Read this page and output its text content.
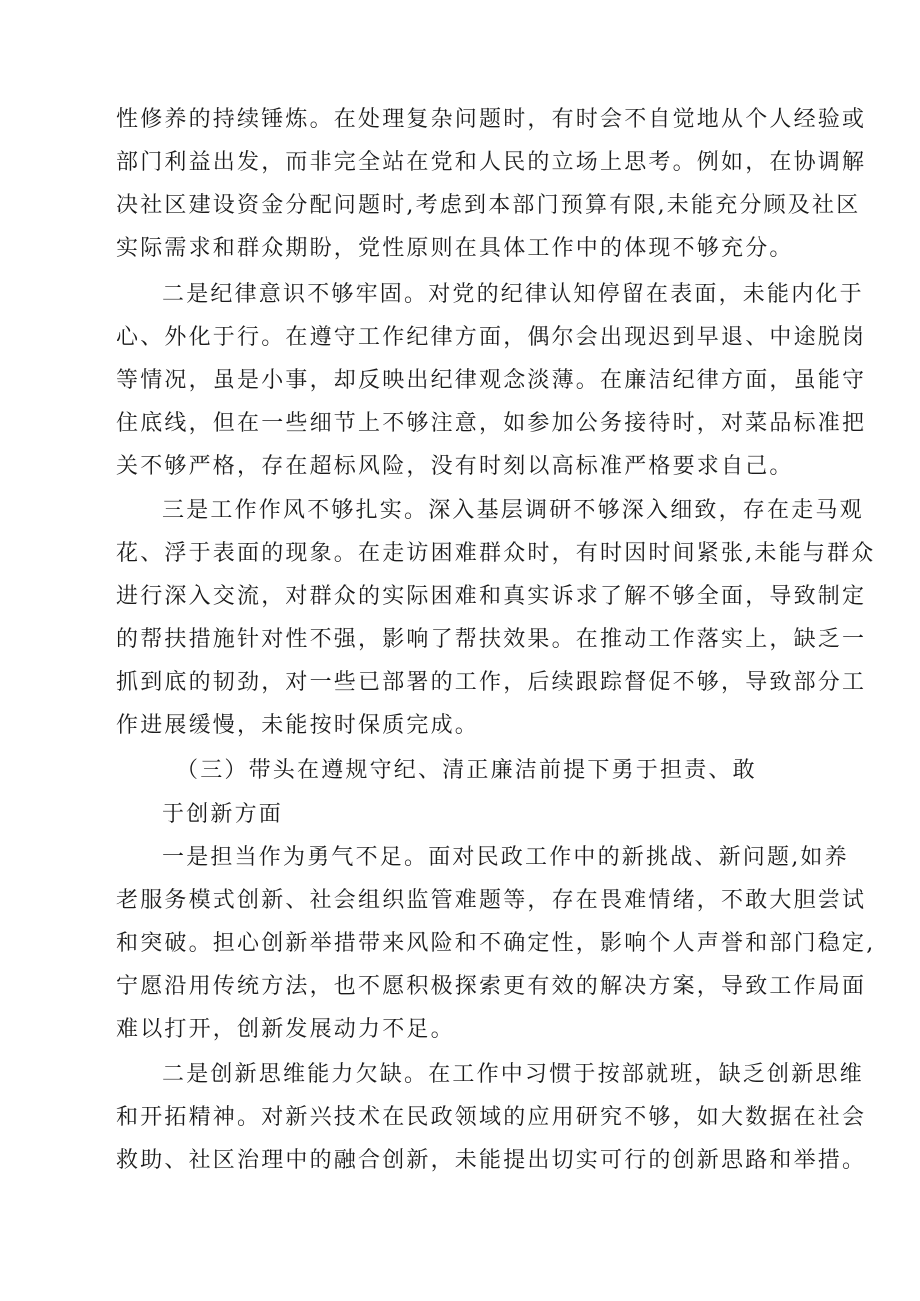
性修养的持续锤炼。在处理复杂问题时，有时会不自觉地从个人经验或
部门利益出发，而非完全站在党和人民的立场上思考。例如，在协调解
决社区建设资金分配问题时,考虑到本部门预算有限,未能充分顾及社区
实际需求和群众期盼，党性原则在具体工作中的体现不够充分。
二是纪律意识不够牢固。对党的纪律认知停留在表面，未能内化于
心、外化于行。在遵守工作纪律方面，偶尔会出现迟到早退、中途脱岗
等情况，虽是小事，却反映出纪律观念淡薄。在廉洁纪律方面，虽能守
住底线，但在一些细节上不够注意，如参加公务接待时，对菜品标准把
关不够严格，存在超标风险，没有时刻以高标准严格要求自己。
三是工作作风不够扎实。深入基层调研不够深入细致，存在走马观
花、浮于表面的现象。在走访困难群众时，有时因时间紧张,未能与群众
进行深入交流，对群众的实际困难和真实诉求了解不够全面，导致制定
的帮扶措施针对性不强，影响了帮扶效果。在推动工作落实上，缺乏一
抓到底的韧劲，对一些已部署的工作，后续跟踪督促不够，导致部分工
作进展缓慢，未能按时保质完成。
（三）带头在遵规守纪、清正廉洁前提下勇于担责、敢
于创新方面
一是担当作为勇气不足。面对民政工作中的新挑战、新问题,如养
老服务模式创新、社会组织监管难题等，存在畏难情绪，不敢大胆尝试
和突破。担心创新举措带来风险和不确定性，影响个人声誉和部门稳定,
宁愿沿用传统方法，也不愿积极探索更有效的解决方案，导致工作局面
难以打开，创新发展动力不足。
二是创新思维能力欠缺。在工作中习惯于按部就班，缺乏创新思维
和开拓精神。对新兴技术在民政领域的应用研究不够，如大数据在社会
救助、社区治理中的融合创新，未能提出切实可行的创新思路和举措。
